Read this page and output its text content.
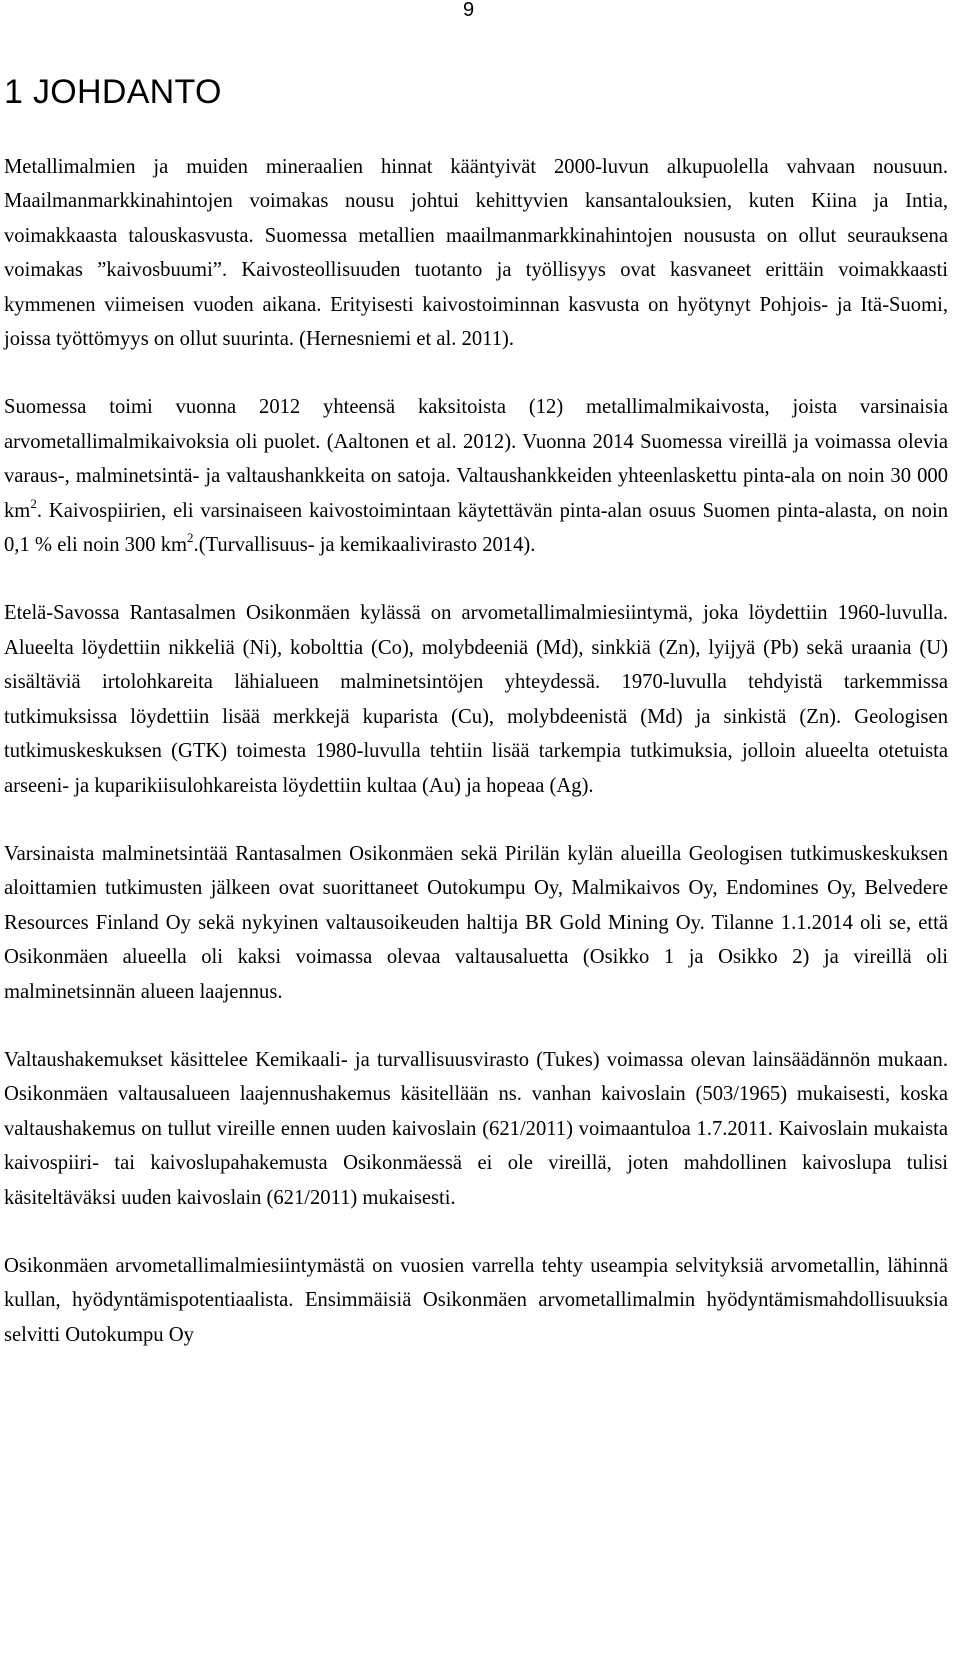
9
1 JOHDANTO

Metallimalmien ja muiden mineraalien hinnat kääntyivät 2000-luvun alkupuolella vahvaan nousuun. Maailmanmarkkinahintojen voimakas nousu johtui kehittyvien kansantalouksien, kuten Kiina ja Intia, voimakkaasta talouskasvusta. Suomessa metallien maailmanmarkkinahintojen noususta on ollut seurauksena voimakas ”kaivosbuumi”. Kaivosteollisuuden tuotanto ja työllisyys ovat kasvaneet erittäin voimakkaasti kymmenen viimeisen vuoden aikana. Erityisesti kaivostoiminnan kasvusta on hyötynyt Pohjois- ja Itä-Suomi, joissa työttömyys on ollut suurinta. (Hernesniemi et al. 2011).

Suomessa toimi vuonna 2012 yhteensä kaksitoista (12) metallimalmikaivosta, joista varsinaisia arvometallimalmikaivoksia oli puolet. (Aaltonen et al. 2012). Vuonna 2014 Suomessa vireillä ja voimassa olevia varaus-, malminetsintä- ja valtaushankkeita on satoja. Valtaushankkeiden yhteenlaskettu pinta-ala on noin 30 000 $km^2$. Kaivospiirien, eli varsinaiseen kaivostoimintaan käytettävän pinta-alan osuus Suomen pinta-alasta, on noin 0,1 % eli noin 300 $km^2.(Turvallisuus-$ ja kemikaalivirasto 2014).

Etelä-Savossa Rantasalmen Osikonmäen kylässä on arvometallimalmiesiintymä, joka löydettiin 1960-luvulla. Alueelta löydettiin nikkeliä (Ni), kobolttia (Co), molybdeeniä (Md), sinkkiä (Zn), lyijyä (Pb) sekä uraania (U) sisältäviä irtolohkareita lähialueen malminetsintöjen yhteydessä. 1970-luvulla tehdyistä tarkemmissa tutkimuksissa löydettiin lisää merkkejä kuparista (Cu), molybdeenistä (Md) ja sinkistä (Zn). Geologisen tutkimuskeskuksen (GTK) toimesta 1980-luvulla tehtiin lisää tarkempia tutkimuksia, jolloin alueelta otetuista arseeni- ja kuparikiisulohkareista löydettiin kultaa (Au) ja hopeaa (Ag).

Varsinaista malminetsintää Rantasalmen Osikonmäen sekä Pirilän kylän alueilla Geologisen tutkimuskeskuksen aloittamien tutkimusten jälkeen ovat suorittaneet Outokumpu Oy, Malmikaivos Oy, Endomines Oy, Belvedere Resources Finland Oy sekä nykyinen valtausoikeuden haltija BR Gold Mining Oy. Tilanne 1.1.2014 oli se, että Osikonmäen alueella oli kaksi voimassa olevaa valtausaluetta (Osikko 1 ja Osikko 2) ja vireillä oli malminetsinnän alueen laajennus.

Valtaushakemukset käsittelee Kemikaali- ja turvallisuusvirasto (Tukes) voimassa olevan lainsäädännön mukaan. Osikonmäen valtausalueen laajennushakemus käsitellään ns. vanhan kaivoslain (503/1965) mukaisesti, koska valtaushakemus on tullut vireille ennen uuden kaivoslain (621/2011) voimaantuloa 1.7.2011. Kaivoslain mukaista kaivospiiri- tai kaivoslupahakemusta Osikonmäessä ei ole vireillä, joten mahdollinen kaivoslupa tulisi käsiteltäväksi uuden kaivoslain (621/2011) mukaisesti.

Osikonmäen arvometallimalmiesiintymästä on vuosien varrella tehty useampia selvityksiä arvometallin, lähinnä kullan, hyödyntämispotentiaalista. Ensimmäisiä Osikonmäen arvometallimalmin hyödyntämismahdollisuuksia selvitti Outokumpu Oy
